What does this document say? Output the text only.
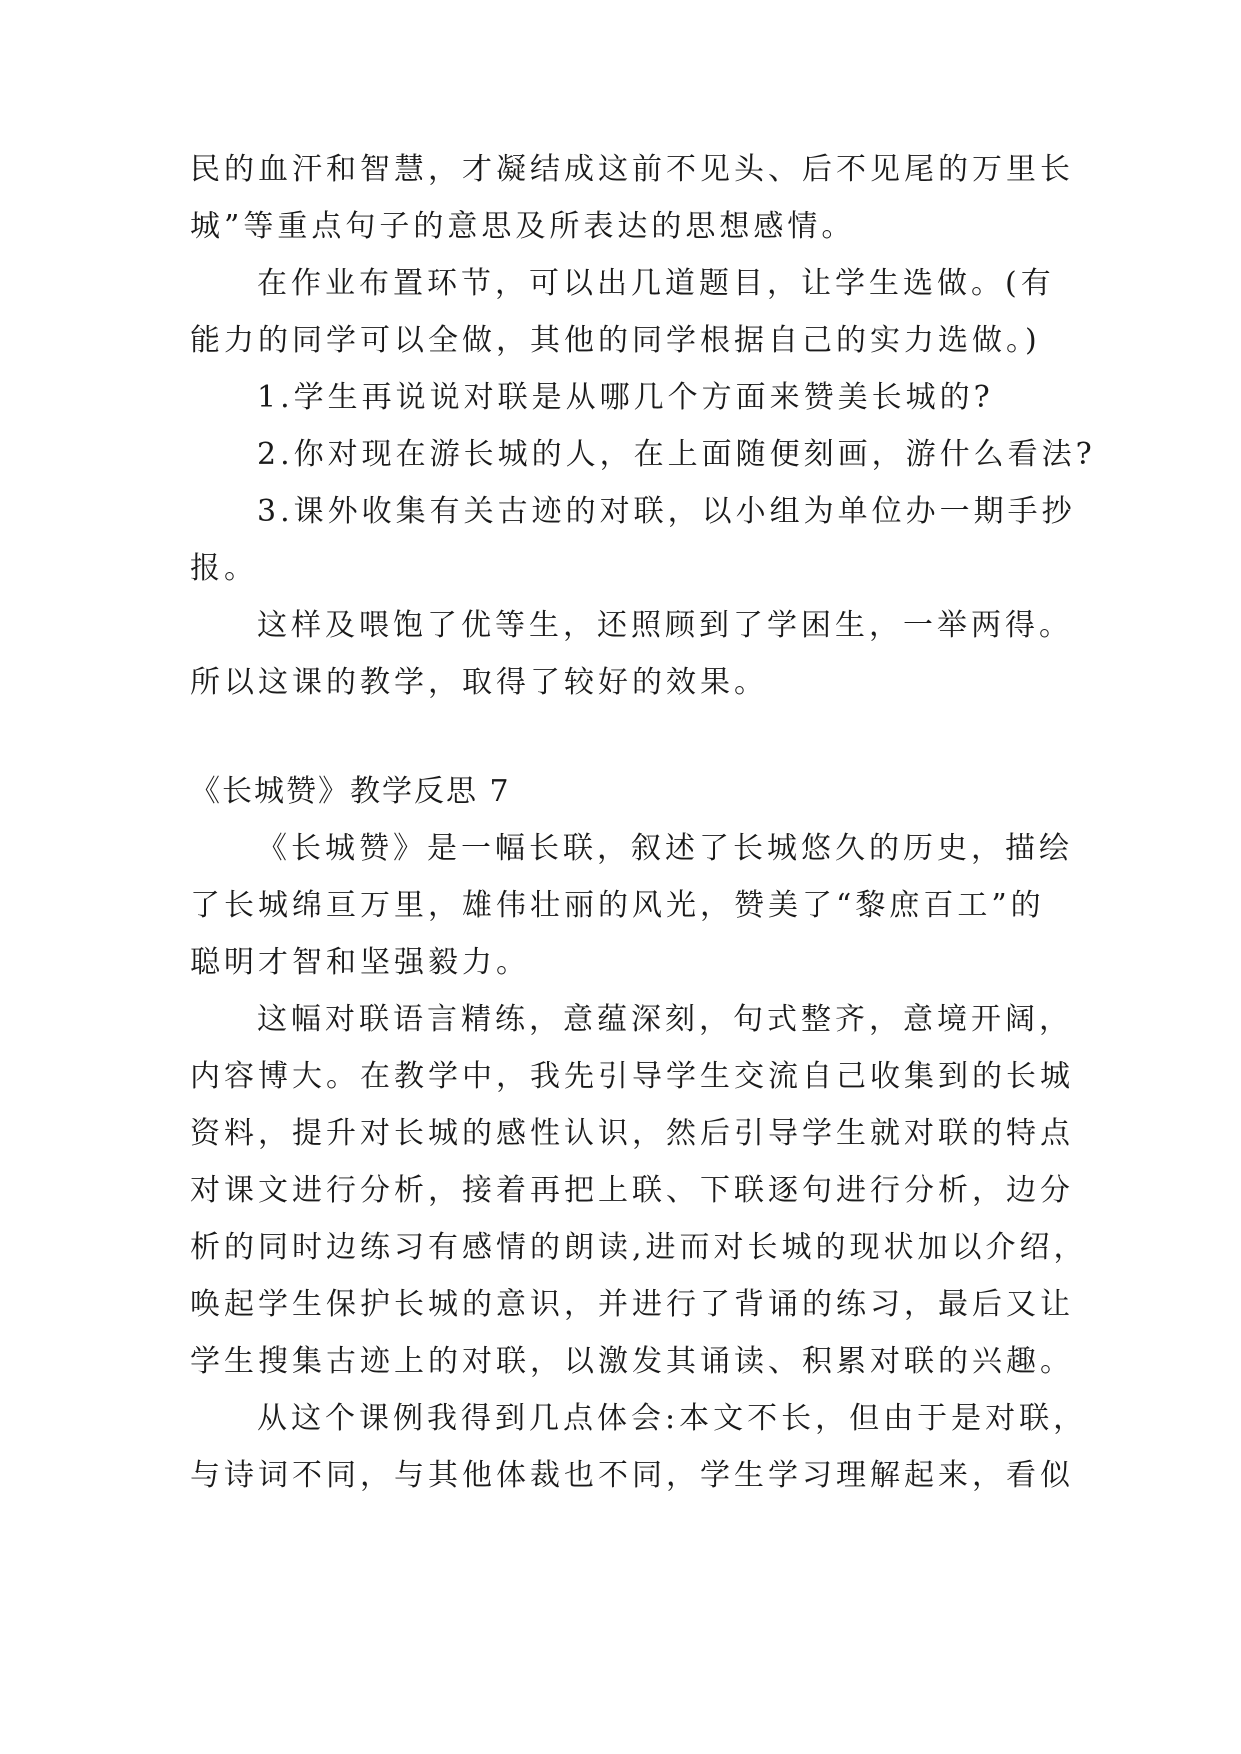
民的血汗和智慧，才凝结成这前不见头、后不见尾的万里长
城”等重点句子的意思及所表达的思想感情。
在作业布置环节，可以出几道题目，让学生选做。(有
能力的同学可以全做，其他的同学根据自己的实力选做。)
1.学生再说说对联是从哪几个方面来赞美长城的?
2.你对现在游长城的人，在上面随便刻画，游什么看法?
3.课外收集有关古迹的对联，以小组为单位办一期手抄
报。
这样及喂饱了优等生，还照顾到了学困生，一举两得。
所以这课的教学，取得了较好的效果。
《长城赞》教学反思 7
《长城赞》是一幅长联，叙述了长城悠久的历史，描绘
了长城绵亘万里，雄伟壮丽的风光，赞美了“黎庶百工”的
聪明才智和坚强毅力。
这幅对联语言精练，意蕴深刻，句式整齐，意境开阔，
内容博大。在教学中，我先引导学生交流自己收集到的长城
资料，提升对长城的感性认识，然后引导学生就对联的特点
对课文进行分析，接着再把上联、下联逐句进行分析，边分
析的同时边练习有感情的朗读,进而对长城的现状加以介绍，
唤起学生保护长城的意识，并进行了背诵的练习，最后又让
学生搜集古迹上的对联，以激发其诵读、积累对联的兴趣。
从这个课例我得到几点体会:本文不长，但由于是对联，
与诗词不同，与其他体裁也不同，学生学习理解起来，看似
